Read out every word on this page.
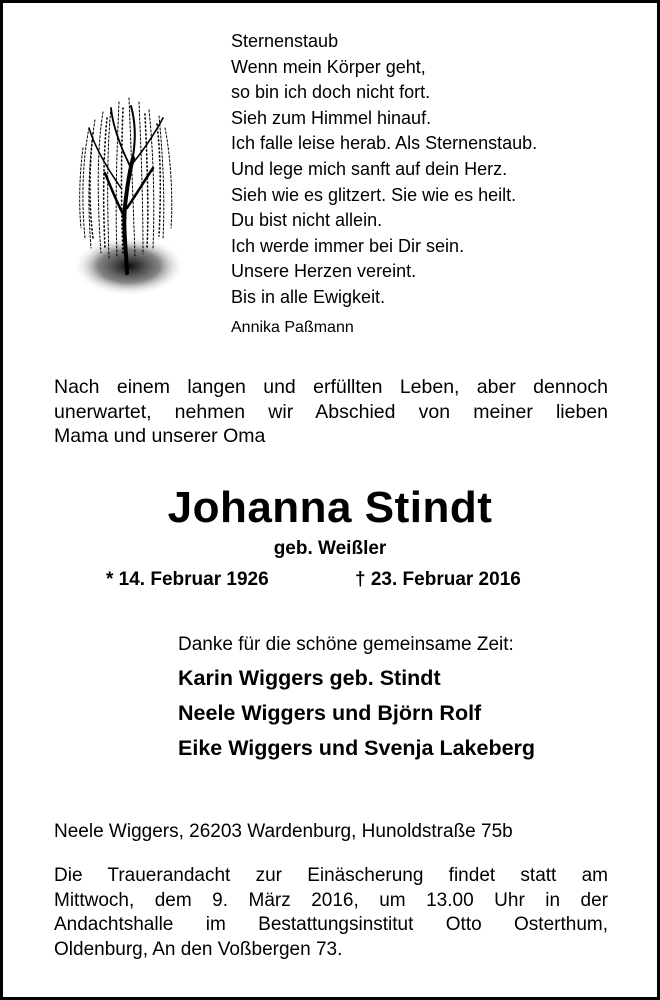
Sternenstaub
Wenn mein Körper geht,
so bin ich doch nicht fort.
Sieh zum Himmel hinauf.
Ich falle leise herab. Als Sternenstaub.
Und lege mich sanft auf dein Herz.
Sieh wie es glitzert. Sie wie es heilt.
Du bist nicht allein.
Ich werde immer bei Dir sein.
Unsere Herzen vereint.
Bis in alle Ewigkeit.
Annika Paßmann
Nach einem langen und erfüllten Leben, aber dennoch
unerwartet, nehmen wir Abschied von meiner lieben
Mama und unserer Oma
Johanna Stindt
geb. Weißler
* 14. Februar 1926	† 23. Februar 2016
Danke für die schöne gemeinsame Zeit:
Karin Wiggers geb. Stindt
Neele Wiggers und Björn Rolf
Eike Wiggers und Svenja Lakeberg
Neele Wiggers, 26203 Wardenburg, Hunoldstraße 75b
Die Trauerandacht zur Einäscherung findet statt am
Mittwoch, dem 9. März 2016, um 13.00 Uhr in der
Andachtshalle im Bestattungsinstitut Otto Osterthum,
Oldenburg, An den Voßbergen 73.
